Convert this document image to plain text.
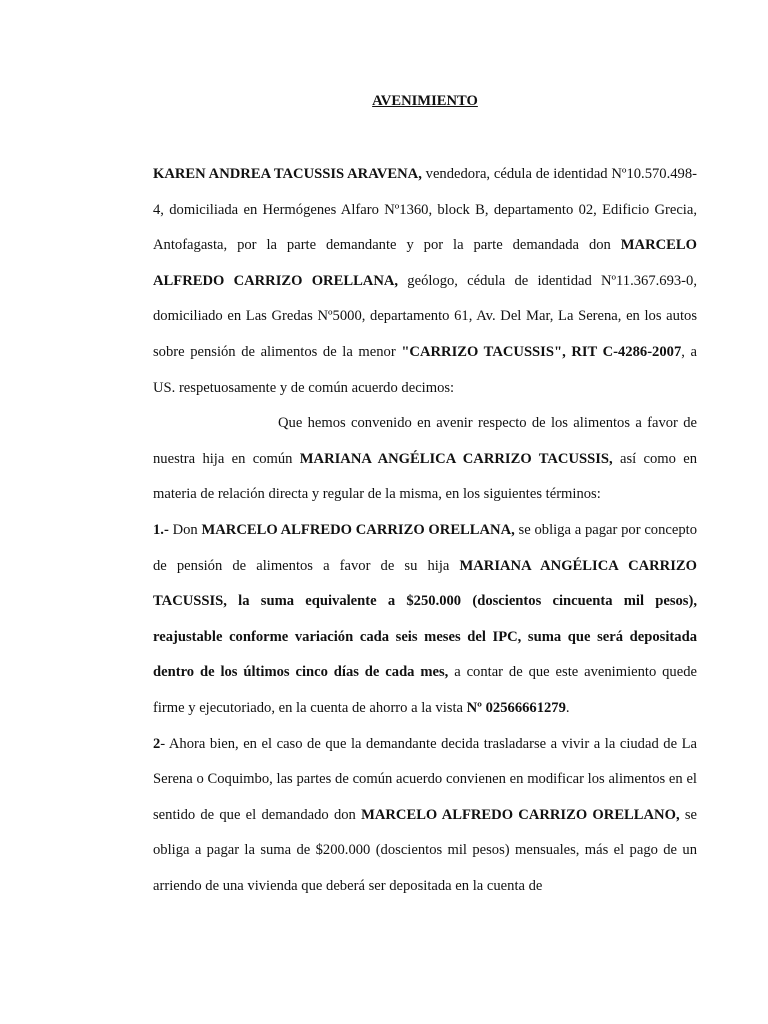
AVENIMIENTO

KAREN ANDREA TACUSSIS ARAVENA, vendedora, cédula de identidad Nº10.570.498-4, domiciliada en Hermógenes Alfaro Nº1360, block B, departamento 02, Edificio Grecia, Antofagasta, por la parte demandante y por la parte demandada don MARCELO ALFREDO CARRIZO ORELLANA, geólogo, cédula de identidad Nº11.367.693-0, domiciliado en Las Gredas Nº5000, departamento 61, Av. Del Mar, La Serena, en los autos sobre pensión de alimentos de la menor "CARRIZO TACUSSIS", RIT C-4286-2007, a US. respetuosamente y de común acuerdo decimos:

Que hemos convenido en avenir respecto de los alimentos a favor de nuestra hija en común MARIANA ANGÉLICA CARRIZO TACUSSIS, así como en materia de relación directa y regular de la misma, en los siguientes términos:

1.- Don MARCELO ALFREDO CARRIZO ORELLANA, se obliga a pagar por concepto de pensión de alimentos a favor de su hija MARIANA ANGÉLICA CARRIZO TACUSSIS, la suma equivalente a $250.000 (doscientos cincuenta mil pesos), reajustable conforme variación cada seis meses del IPC, suma que será depositada dentro de los últimos cinco días de cada mes, a contar de que este avenimiento quede firme y ejecutoriado, en la cuenta de ahorro a la vista Nº 02566661279.

2- Ahora bien, en el caso de que la demandante decida trasladarse a vivir a la ciudad de La Serena o Coquimbo, las partes de común acuerdo convienen en modificar los alimentos en el sentido de que el demandado don MARCELO ALFREDO CARRIZO ORELLANO, se obliga a pagar la suma de $200.000 (doscientos mil pesos) mensuales, más el pago de un arriendo de una vivienda que deberá ser depositada en la cuenta de
